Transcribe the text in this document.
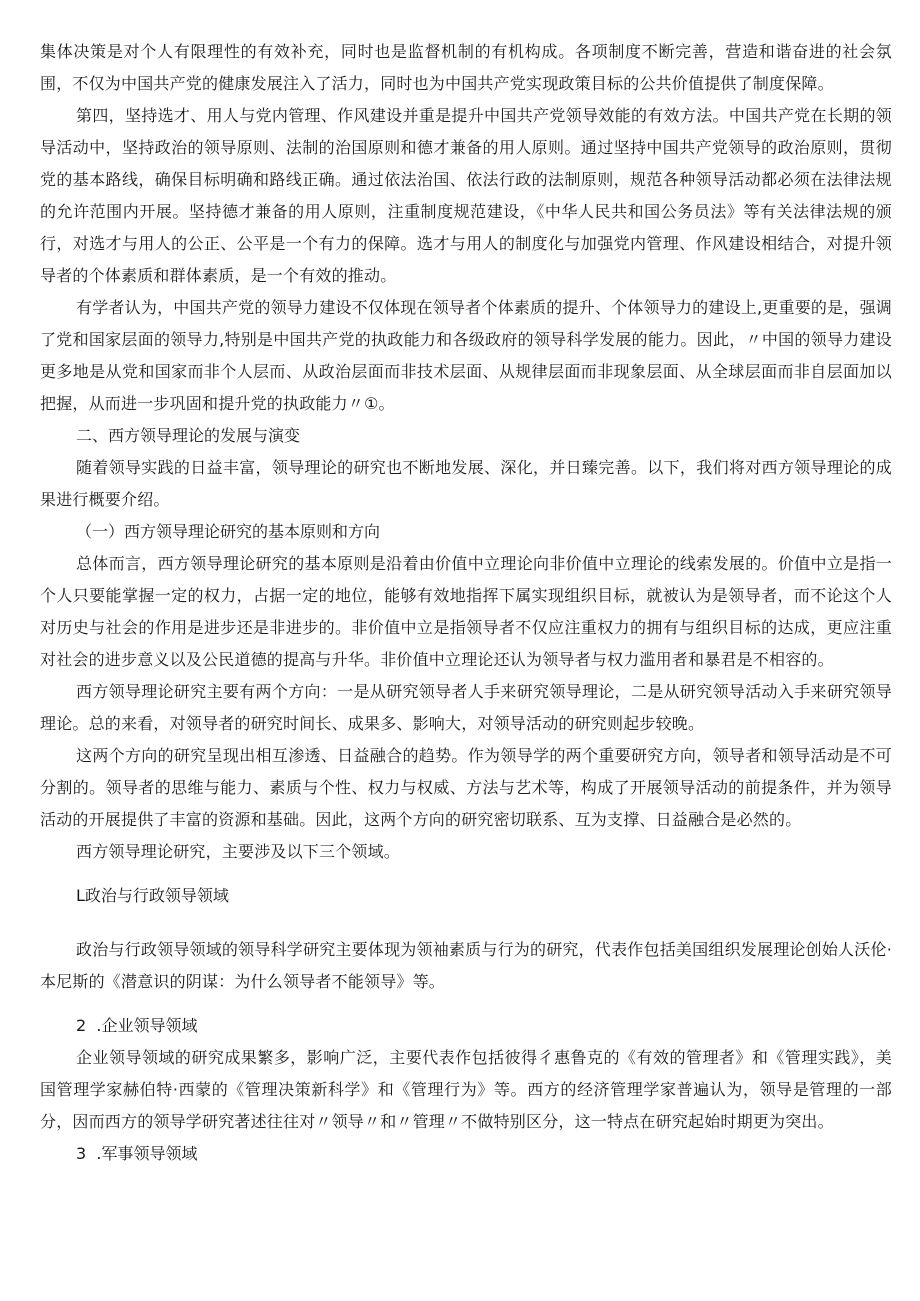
集体决策是对个人有限理性的有效补充，同时也是监督机制的有机构成。各项制度不断完善，营造和谐奋进的社会氛围，不仅为中国共产党的健康发展注入了活力，同时也为中国共产党实现政策目标的公共价值提供了制度保障。

第四，坚持选才、用人与党内管理、作风建设并重是提升中国共产党领导效能的有效方法。中国共产党在长期的领导活动中，坚持政治的领导原则、法制的治国原则和德才兼备的用人原则。通过坚持中国共产党领导的政治原则，贯彻党的基本路线，确保目标明确和路线正确。通过依法治国、依法行政的法制原则，规范各种领导活动都必须在法律法规的允许范围内开展。坚持德才兼备的用人原则，注重制度规范建设，《中华人民共和国公务员法》等有关法律法规的颁行，对选才与用人的公正、公平是一个有力的保障。选才与用人的制度化与加强党内管理、作风建设相结合，对提升领导者的个体素质和群体素质，是一个有效的推动。

有学者认为，中国共产党的领导力建设不仅体现在领导者个体素质的提升、个体领导力的建设上,更重要的是，强调了党和国家层面的领导力,特别是中国共产党的执政能力和各级政府的领导科学发展的能力。因此，〃中国的领导力建设更多地是从党和国家而非个人层而、从政治层面而非技术层面、从规律层面而非现象层面、从全球层面而非自层面加以把握，从而进一步巩固和提升党的执政能力〃①。

二、西方领导理论的发展与演变

随着领导实践的日益丰富，领导理论的研究也不断地发展、深化，并日臻完善。以下，我们将对西方领导理论的成果进行概要介绍。

（一）西方领导理论研究的基本原则和方向

总体而言，西方领导理论研究的基本原则是沿着由价值中立理论向非价值中立理论的线索发展的。价值中立是指一个人只要能掌握一定的权力，占据一定的地位，能够有效地指挥下属实现组织目标，就被认为是领导者，而不论这个人对历史与社会的作用是进步还是非进步的。非价值中立是指领导者不仅应注重权力的拥有与组织目标的达成，更应注重对社会的进步意义以及公民道德的提高与升华。非价值中立理论还认为领导者与权力滥用者和暴君是不相容的。

西方领导理论研究主要有两个方向：一是从研究领导者人手来研究领导理论，二是从研究领导活动入手来研究领导理论。总的来看，对领导者的研究时间长、成果多、影响大，对领导活动的研究则起步较晚。

这两个方向的研究呈现出相互渗透、日益融合的趋势。作为领导学的两个重要研究方向，领导者和领导活动是不可分割的。领导者的思维与能力、素质与个性、权力与权威、方法与艺术等，构成了开展领导活动的前提条件，并为领导活动的开展提供了丰富的资源和基础。因此，这两个方向的研究密切联系、互为支撑、日益融合是必然的。

西方领导理论研究，主要涉及以下三个领域。

L政治与行政领导领域

政治与行政领导领域的领导科学研究主要体现为领袖素质与行为的研究，代表作包括美国组织发展理论创始人沃伦·本尼斯的《潜意识的阴谋：为什么领导者不能领导》等。

2  .企业领导领域

企业领导领域的研究成果繁多，影响广泛，主要代表作包括彼得彳惠鲁克的《有效的管理者》和《管理实践》，美国管理学家赫伯特·西蒙的《管理决策新科学》和《管理行为》等。西方的经济管理学家普遍认为，领导是管理的一部分，因而西方的领导学研究著述往往对〃领导〃和〃管理〃不做特别区分，这一特点在研究起始时期更为突出。

3  .军事领导领域
